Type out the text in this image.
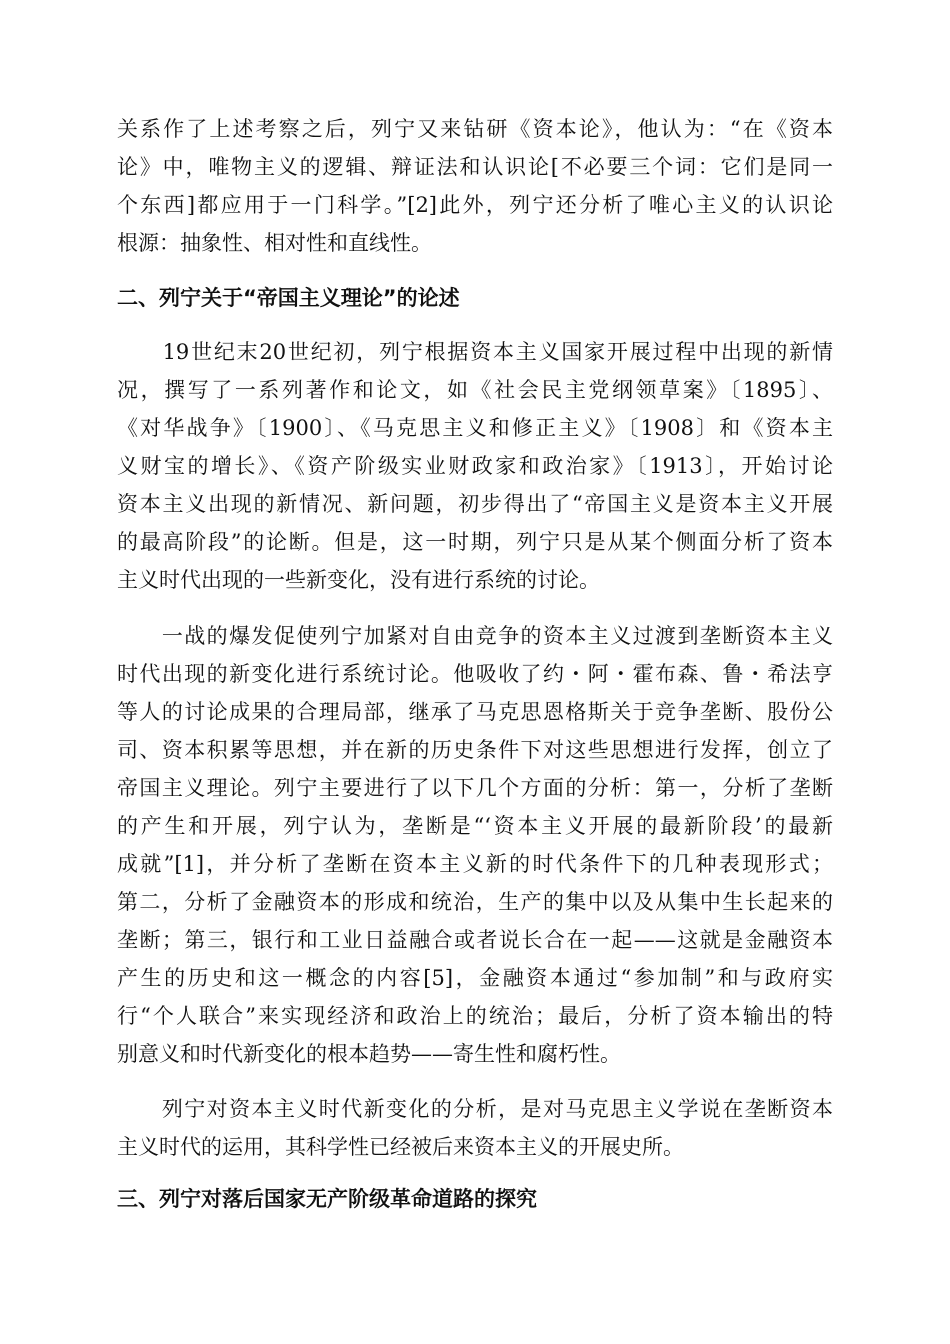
关系作了上述考察之后，列宁又来钻研《资本论》，他认为：“在《资本
论》中，唯物主义的逻辑、辩证法和认识论[不必要三个词：它们是同一
个东西]都应用于一门科学。”[2]此外，列宁还分析了唯心主义的认识论
根源：抽象性、相对性和直线性。
二、列宁关于“帝国主义理论”的论述
　　19世纪末20世纪初，列宁根据资本主义国家开展过程中出现的新情
况，撰写了一系列著作和论文，如《社会民主党纲领草案》〔1895〕、
《对华战争》〔1900〕、《马克思主义和修正主义》〔1908〕和《资本主
义财宝的增长》、《资产阶级实业财政家和政治家》〔1913〕，开始讨论
资本主义出现的新情况、新问题，初步得出了“帝国主义是资本主义开展
的最高阶段”的论断。但是，这一时期，列宁只是从某个侧面分析了资本
主义时代出现的一些新变化，没有进行系统的讨论。
　　一战的爆发促使列宁加紧对自由竞争的资本主义过渡到垄断资本主义
时代出现的新变化进行系统讨论。他吸收了约・阿・霍布森、鲁・希法亨
等人的讨论成果的合理局部，继承了马克思恩格斯关于竞争垄断、股份公
司、资本积累等思想，并在新的历史条件下对这些思想进行发挥，创立了
帝国主义理论。列宁主要进行了以下几个方面的分析：第一，分析了垄断
的产生和开展，列宁认为，垄断是“‘资本主义开展的最新阶段’的最新
成就”[1]，并分析了垄断在资本主义新的时代条件下的几种表现形式；
第二，分析了金融资本的形成和统治，生产的集中以及从集中生长起来的
垄断；第三，银行和工业日益融合或者说长合在一起——这就是金融资本
产生的历史和这一概念的内容[5]，金融资本通过“参加制”和与政府实
行“个人联合”来实现经济和政治上的统治；最后，分析了资本输出的特
别意义和时代新变化的根本趋势——寄生性和腐朽性。
　　列宁对资本主义时代新变化的分析，是对马克思主义学说在垄断资本
主义时代的运用，其科学性已经被后来资本主义的开展史所。
三、列宁对落后国家无产阶级革命道路的探究
